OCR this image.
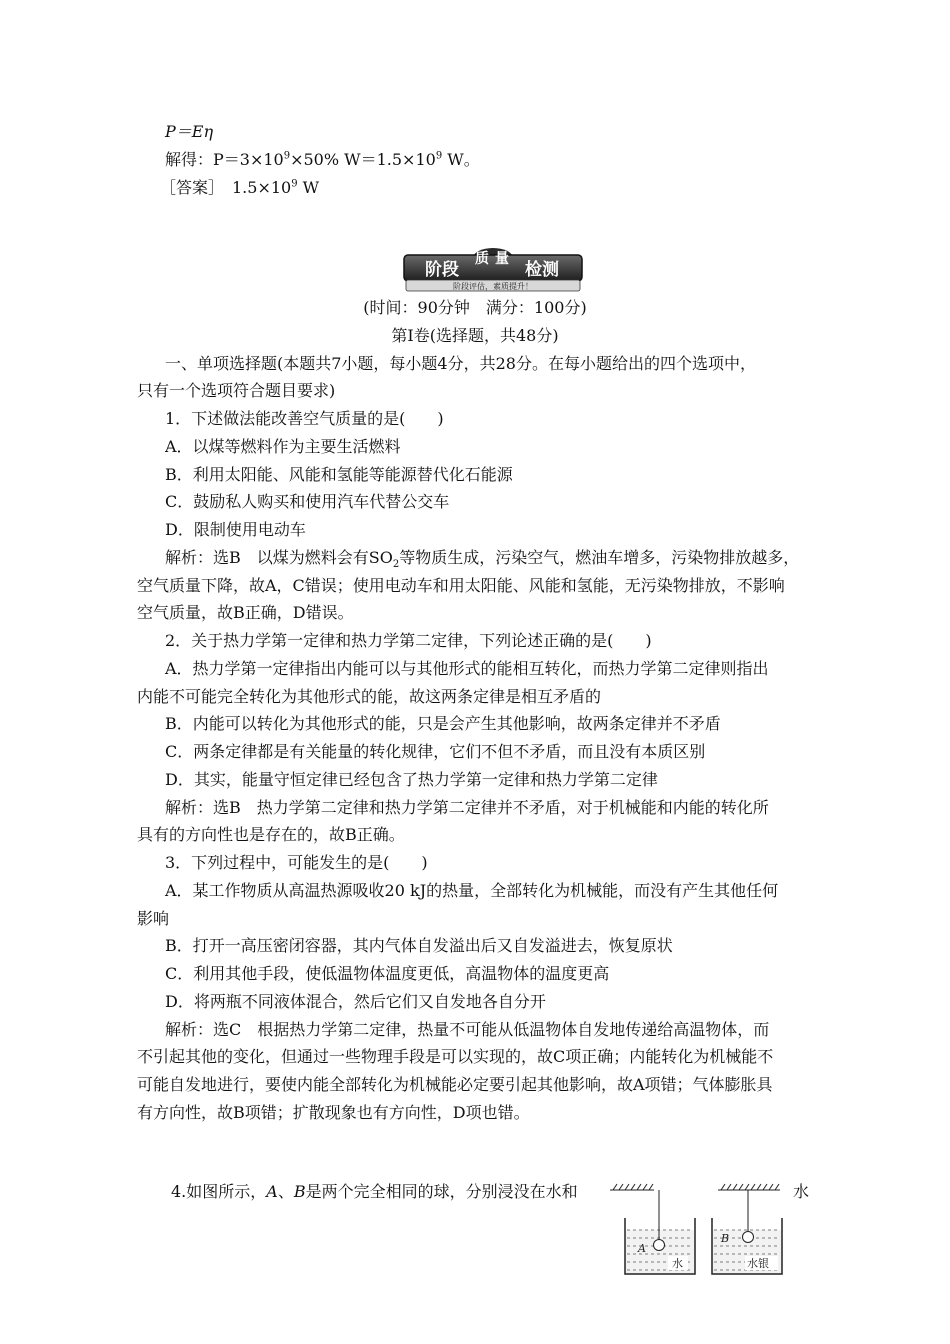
P＝Eη
解得：$P=3\times 10^9\times 50\%$ $W=1.5\times 10^9$ W。
［答案］　$1.5\times 10^9$ W
阶段
质 量
检测
阶段评估，素质提升！
(时间：90分钟　满分：100分)
第Ⅰ卷(选择题，共48分)
一、单项选择题(本题共7小题，每小题4分，共28分。在每小题给出的四个选项中，
只有一个选项符合题目要求)
1．下述做法能改善空气质量的是(　　)
A．以煤等燃料作为主要生活燃料
B．利用太阳能、风能和氢能等能源替代化石能源
C．鼓励私人购买和使用汽车代替公交车
D．限制使用电动车
解析：选B　以煤为燃料会有$SO_2$等物质生成，污染空气，燃油车增多，污染物排放越多，
空气质量下降，故A，C错误；使用电动车和用太阳能、风能和氢能，无污染物排放，不影响
空气质量，故B正确，D错误。
2．关于热力学第一定律和热力学第二定律，下列论述正确的是(　　)
A．热力学第一定律指出内能可以与其他形式的能相互转化，而热力学第二定律则指出
内能不可能完全转化为其他形式的能，故这两条定律是相互矛盾的
B．内能可以转化为其他形式的能，只是会产生其他影响，故两条定律并不矛盾
C．两条定律都是有关能量的转化规律，它们不但不矛盾，而且没有本质区别
D．其实，能量守恒定律已经包含了热力学第一定律和热力学第二定律
解析：选B　热力学第二定律和热力学第二定律并不矛盾，对于机械能和内能的转化所
具有的方向性也是存在的，故B正确。
3．下列过程中，可能发生的是(　　)
A．某工作物质从高温热源吸收20 kJ的热量，全部转化为机械能，而没有产生其他任何
影响
B．打开一高压密闭容器，其内气体自发溢出后又自发溢进去，恢复原状
C．利用其他手段，使低温物体温度更低，高温物体的温度更高
D．将两瓶不同液体混合，然后它们又自发地各自分开
解析：选C　根据热力学第二定律，热量不可能从低温物体自发地传递给高温物体，而
不引起其他的变化，但通过一些物理手段是可以实现的，故C项正确；内能转化为机械能不
可能自发地进行，要使内能全部转化为机械能必定要引起其他影响，故A项错；气体膨胀具
有方向性，故B项错；扩散现象也有方向性，D项也错。
4.如图所示，A、B是两个完全相同的球，分别浸没在水和	水
A
水
B
水银
